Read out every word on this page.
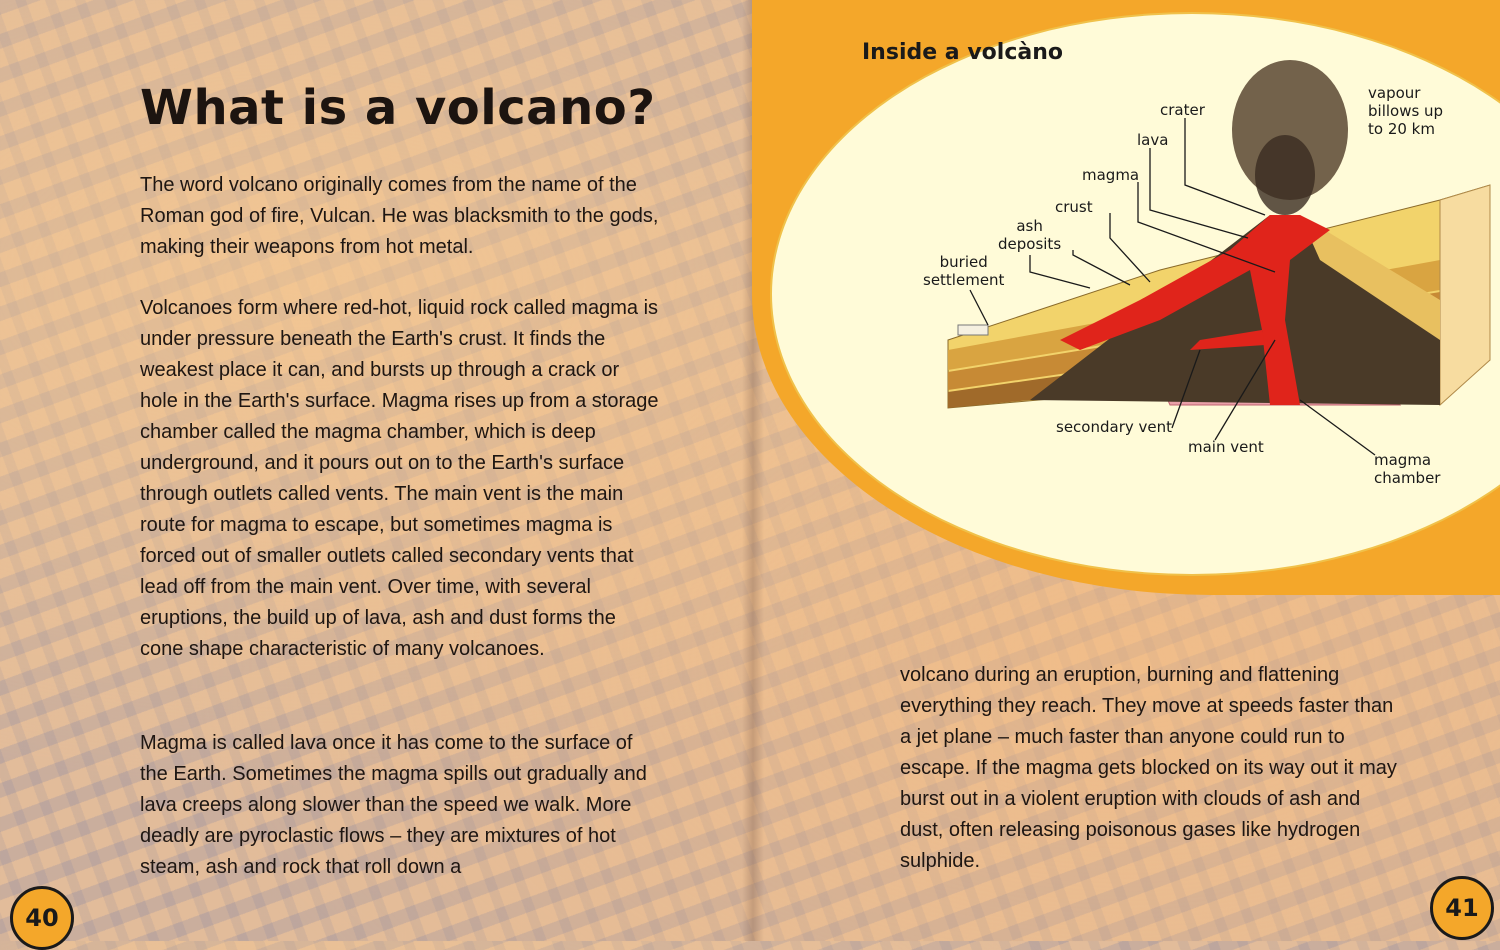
What is a volcano?

The word volcano originally comes from the name of the Roman god of fire, Vulcan. He was blacksmith to the gods, making their weapons from hot metal.

Volcanoes form where red-hot, liquid rock called magma is under pressure beneath the Earth's crust. It finds the weakest place it can, and bursts up through a crack or hole in the Earth's surface. Magma rises up from a storage chamber called the magma chamber, which is deep underground, and it pours out on to the Earth's surface through outlets called vents. The main vent is the main route for magma to escape, but sometimes magma is forced out of smaller outlets called secondary vents that lead off from the main vent. Over time, with several eruptions, the build up of lava, ash and dust forms the cone shape characteristic of many volcanoes.

Magma is called lava once it has come to the surface of the Earth. Sometimes the magma spills out gradually and lava creeps along slower than the speed we walk. More deadly are pyroclastic flows – they are mixtures of hot steam, ash and rock that roll down a

40
Inside a volcàno
vapour
billows up
to 20 km
crater
lava
magma
crust
ash
deposits
buried
settlement
secondary vent
main vent
magma
chamber

volcano during an eruption, burning and flattening everything they reach. They move at speeds faster than a jet plane – much faster than anyone could run to escape. If the magma gets blocked on its way out it may burst out in a violent eruption with clouds of ash and dust, often releasing poisonous gases like hydrogen sulphide.

41
